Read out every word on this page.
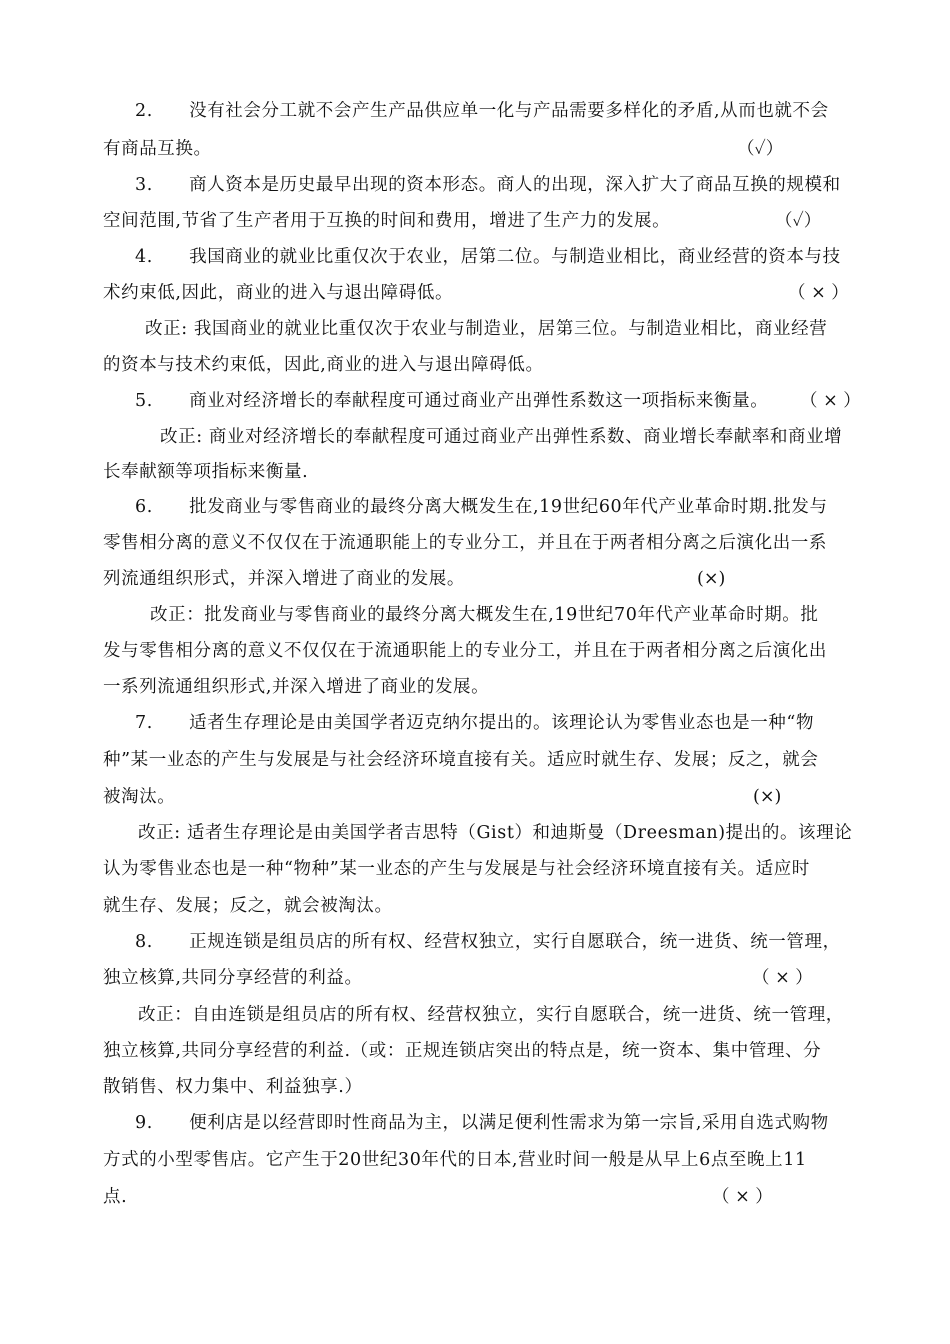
2.　　没有社会分工就不会产生产品供应单一化与产品需要多样化的矛盾,从而也就不会
有商品互换。	（✓）
3.　　商人资本是历史最早出现的资本形态。商人的出现，深入扩大了商品互换的规模和
空间范围,节省了生产者用于互换的时间和费用，增进了生产力的发展。	（✓）
4.　　我国商业的就业比重仅次于农业，居第二位。与制造业相比，商业经营的资本与技
术约束低,因此，商业的进入与退出障碍低。	（ × ）
改正: 我国商业的就业比重仅次于农业与制造业，居第三位。与制造业相比，商业经营
的资本与技术约束低，因此,商业的进入与退出障碍低。
5.　　商业对经济增长的奉献程度可通过商业产出弹性系数这一项指标来衡量。	（ × ）
改正: 商业对经济增长的奉献程度可通过商业产出弹性系数、商业增长奉献率和商业增
长奉献额等项指标来衡量.
6.　　批发商业与零售商业的最终分离大概发生在,19世纪60年代产业革命时期.批发与
零售相分离的意义不仅仅在于流通职能上的专业分工，并且在于两者相分离之后演化出一系
列流通组织形式，并深入增进了商业的发展。	(×)
改正：批发商业与零售商业的最终分离大概发生在,19世纪70年代产业革命时期。批
发与零售相分离的意义不仅仅在于流通职能上的专业分工，并且在于两者相分离之后演化出
一系列流通组织形式,并深入增进了商业的发展。
7.　　适者生存理论是由美国学者迈克纳尔提出的。该理论认为零售业态也是一种“物
种”某一业态的产生与发展是与社会经济环境直接有关。适应时就生存、发展；反之，就会
被淘汰。	(×)
改正: 适者生存理论是由美国学者吉思特（Gist）和迪斯曼（Dreesman)提出的。该理论
认为零售业态也是一种“物种”某一业态的产生与发展是与社会经济环境直接有关。适应时
就生存、发展；反之，就会被淘汰。
8.　　正规连锁是组员店的所有权、经营权独立，实行自愿联合，统一进货、统一管理，
独立核算,共同分享经营的利益。	（ × ）
改正：自由连锁是组员店的所有权、经营权独立，实行自愿联合，统一进货、统一管理，
独立核算,共同分享经营的利益.（或：正规连锁店突出的特点是，统一资本、集中管理、分
散销售、权力集中、利益独享.）
9.　　便利店是以经营即时性商品为主，以满足便利性需求为第一宗旨,采用自选式购物
方式的小型零售店。它产生于20世纪30年代的日本,营业时间一般是从早上6点至晚上11
点.	（ × ）
